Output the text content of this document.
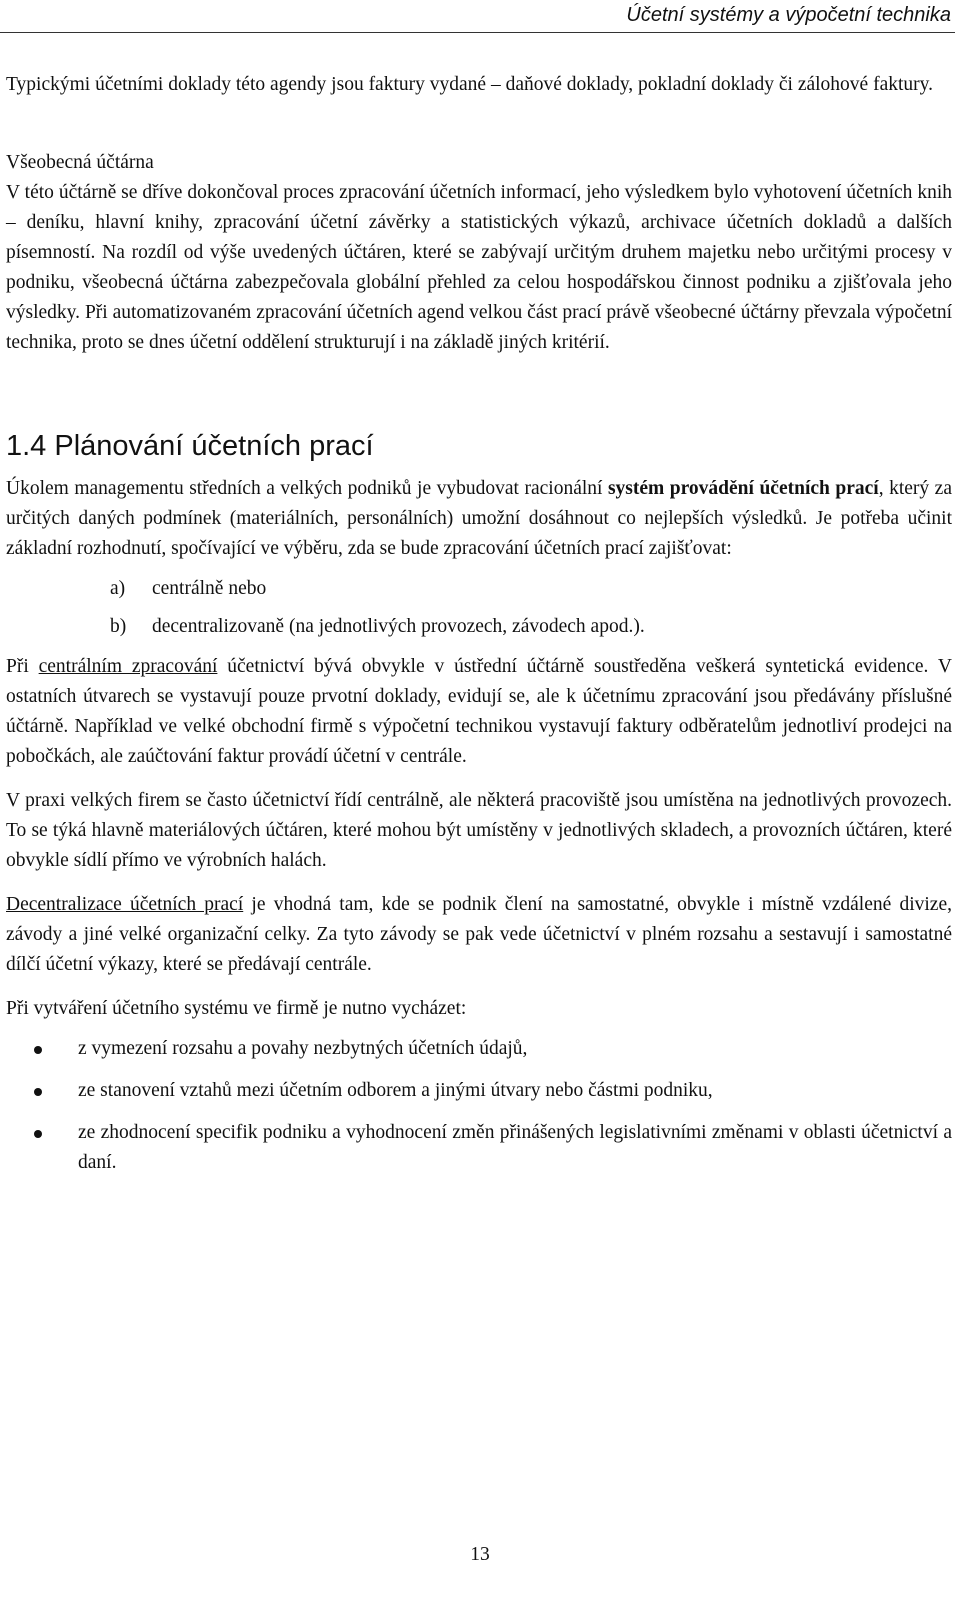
Účetní systémy a výpočetní technika

Typickými účetními doklady této agendy jsou faktury vydané – daňové doklady, pokladní doklady či zálohové faktury.

Všeobecná účtárna

V této účtárně se dříve dokončoval proces zpracování účetních informací, jeho výsledkem bylo vyhotovení účetních knih – deníku, hlavní knihy, zpracování účetní závěrky a statistických výkazů, archivace účetních dokladů a dalších písemností. Na rozdíl od výše uvedených účtáren, které se zabývají určitým druhem majetku nebo určitými procesy v podniku, všeobecná účtárna zabezpečovala globální přehled za celou hospodářskou činnost podniku a zjišťovala jeho výsledky. Při automatizovaném zpracování účetních agend velkou část prací právě všeobecné účtárny převzala výpočetní technika, proto se dnes účetní oddělení strukturují i na základě jiných kritérií.

1.4 Plánování účetních prací

Úkolem managementu středních a velkých podniků je vybudovat racionální systém provádění účetních prací, který za určitých daných podmínek (materiálních, personálních) umožní dosáhnout co nejlepších výsledků. Je potřeba učinit základní rozhodnutí, spočívající ve výběru, zda se bude zpracování účetních prací zajišťovat:

a) centrálně nebo
b) decentralizovaně (na jednotlivých provozech, závodech apod.).

Při centrálním zpracování účetnictví bývá obvykle v ústřední účtárně soustředěna veškerá syntetická evidence. V ostatních útvarech se vystavují pouze prvotní doklady, evidují se, ale k účetnímu zpracování jsou předávány příslušné účtárně. Například ve velké obchodní firmě s výpočetní technikou vystavují faktury odběratelům jednotliví prodejci na pobočkách, ale zaúčtování faktur provádí účetní v centrále.

V praxi velkých firem se často účetnictví řídí centrálně, ale některá pracoviště jsou umístěna na jednotlivých provozech. To se týká hlavně materiálových účtáren, které mohou být umístěny v jednotlivých skladech, a provozních účtáren, které obvykle sídlí přímo ve výrobních halách.

Decentralizace účetních prací je vhodná tam, kde se podnik člení na samostatné, obvykle i místně vzdálené divize, závody a jiné velké organizační celky. Za tyto závody se pak vede účetnictví v plném rozsahu a sestavují i samostatné dílčí účetní výkazy, které se předávají centrále.

Při vytváření účetního systému ve firmě je nutno vycházet:

z vymezení rozsahu a povahy nezbytných účetních údajů,
ze stanovení vztahů mezi účetním odborem a jinými útvary nebo částmi podniku,
ze zhodnocení specifik podniku a vyhodnocení změn přinášených legislativními změnami v oblasti účetnictví a daní.
13
